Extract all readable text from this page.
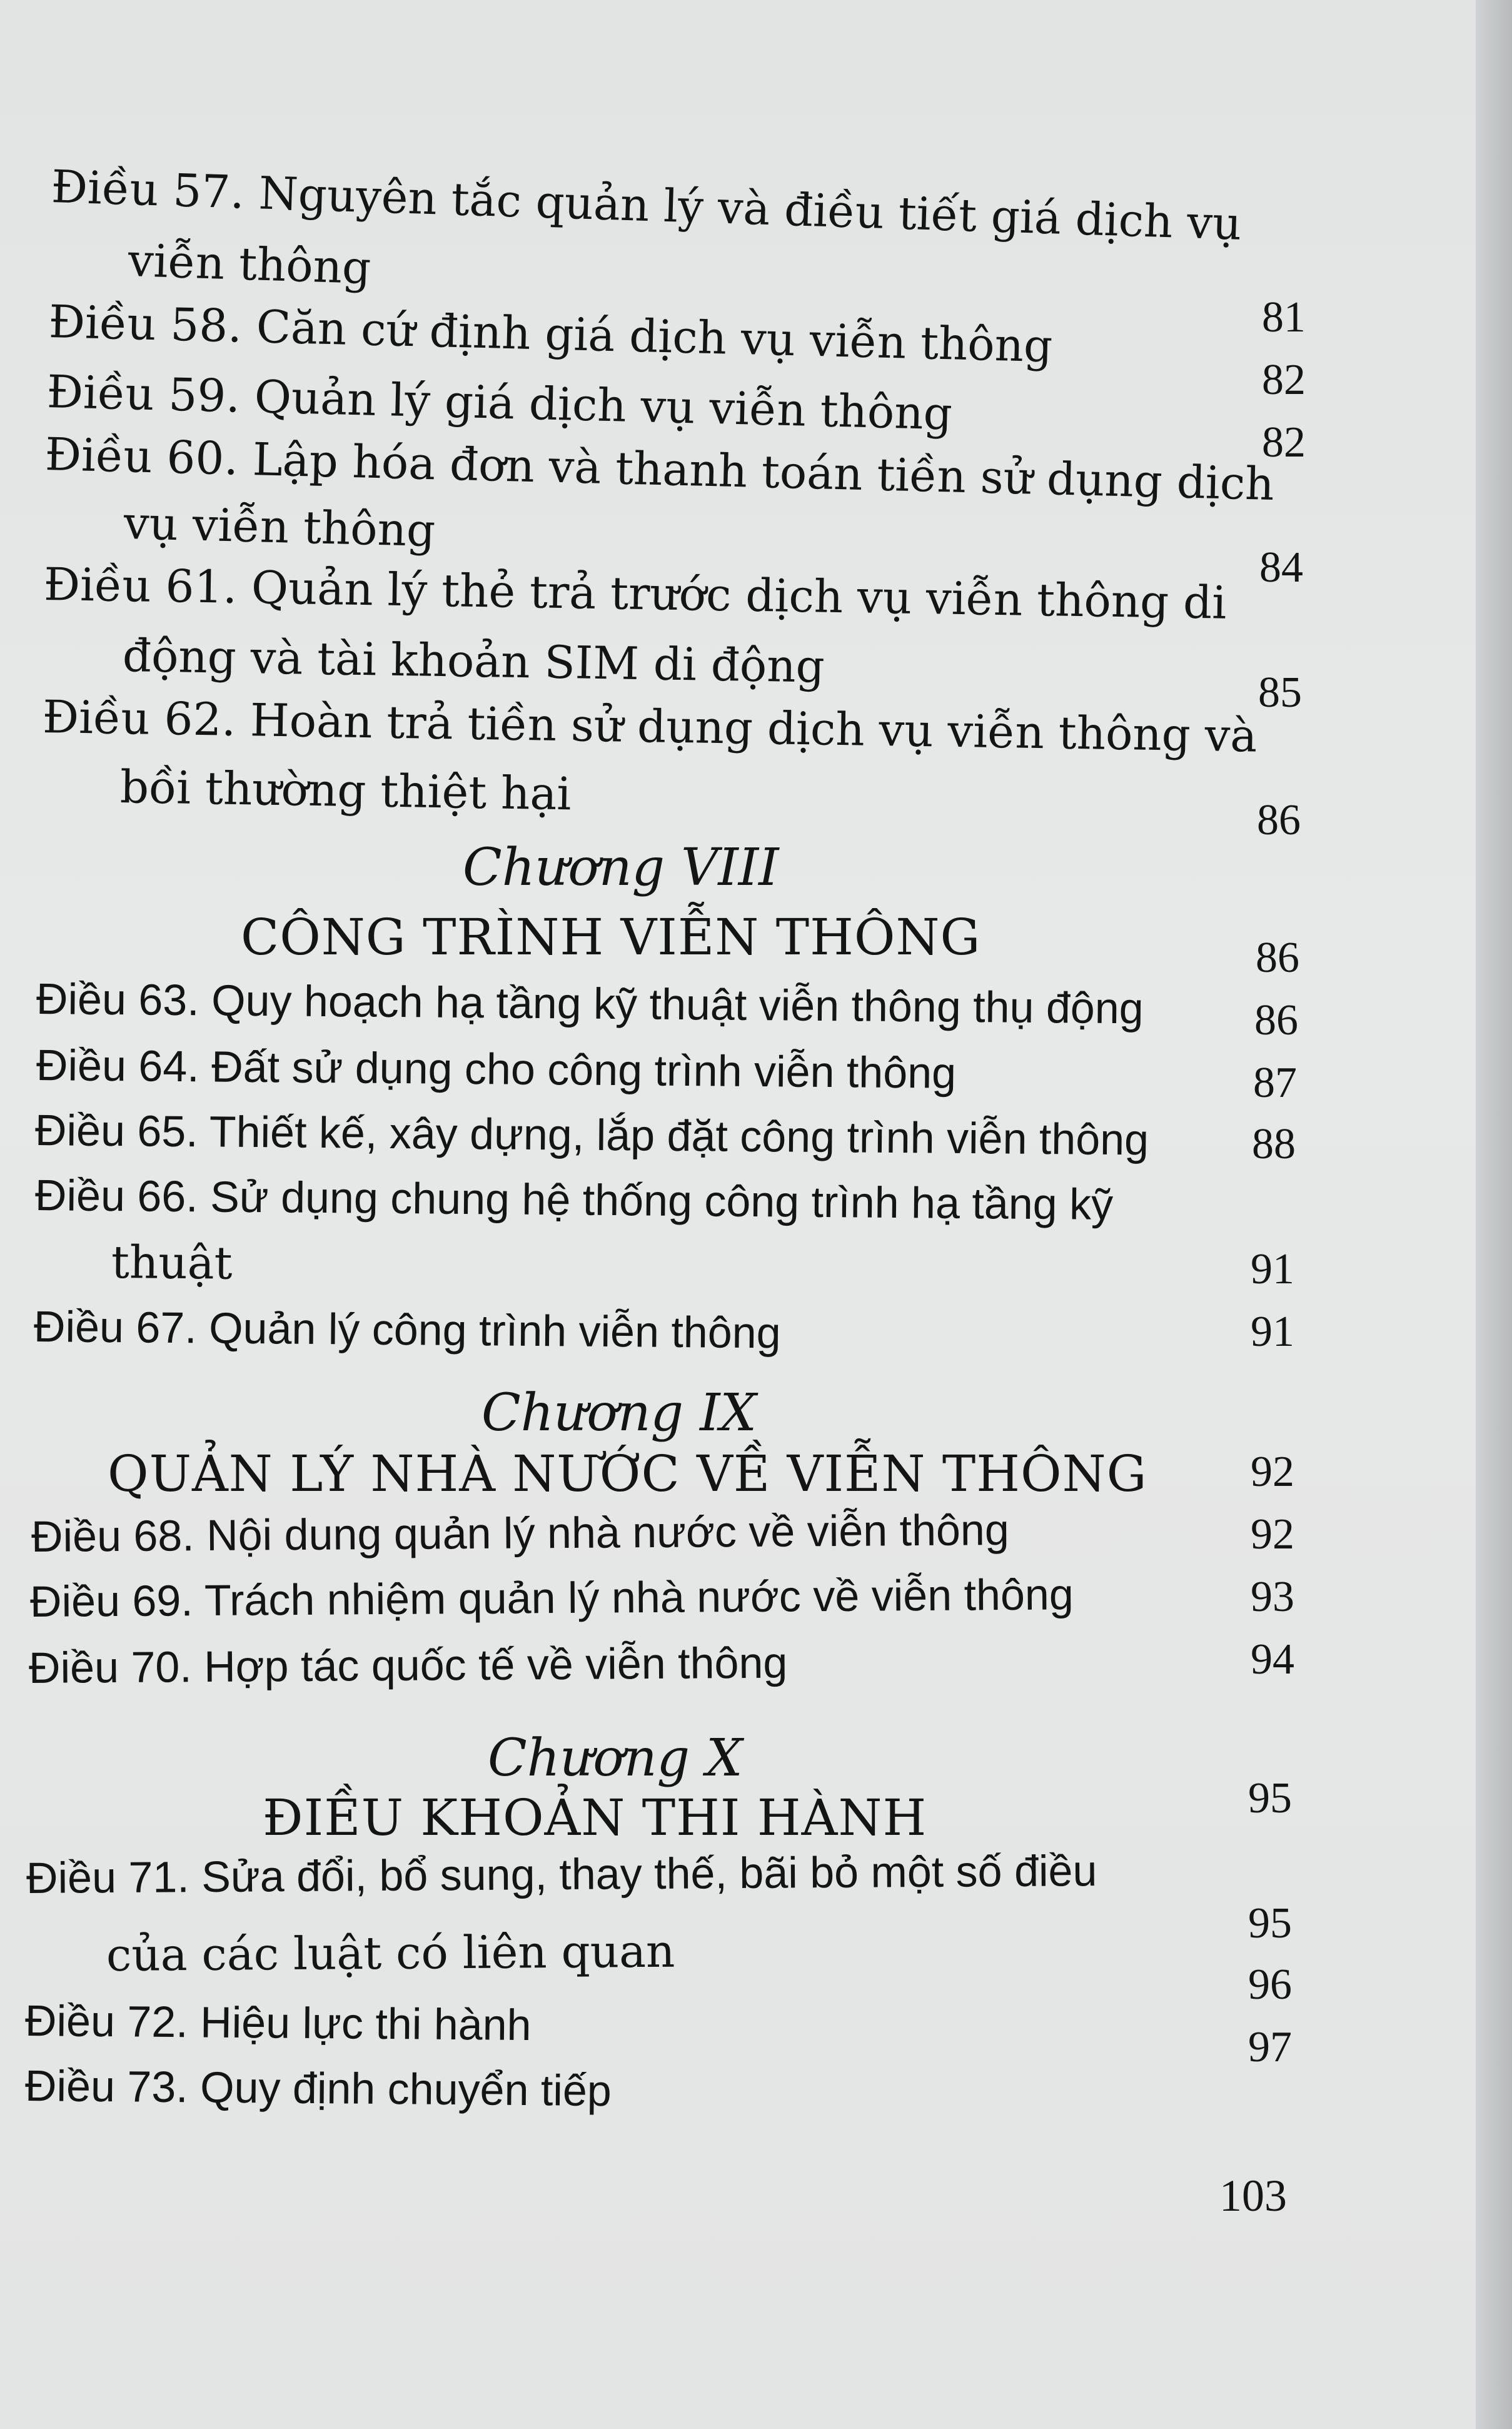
Điều 57. Nguyên tắc quản lý và điều tiết giá dịch vụ
viễn thông
Điều 58. Căn cứ định giá dịch vụ viễn thông
Điều 59. Quản lý giá dịch vụ viễn thông
Điều 60. Lập hóa đơn và thanh toán tiền sử dụng dịch
vụ viễn thông
Điều 61. Quản lý thẻ trả trước dịch vụ viễn thông di
động và tài khoản SIM di động
Điều 62. Hoàn trả tiền sử dụng dịch vụ viễn thông và
bồi thường thiệt hại
Chương VIII
CÔNG TRÌNH VIỄN THÔNG
Điều 63. Quy hoạch hạ tầng kỹ thuật viễn thông thụ động
Điều 64. Đất sử dụng cho công trình viễn thông
Điều 65. Thiết kế, xây dựng, lắp đặt công trình viễn thông
Điều 66. Sử dụng chung hệ thống công trình hạ tầng kỹ
thuật
Điều 67. Quản lý công trình viễn thông
Chương IX
QUẢN LÝ NHÀ NƯỚC VỀ VIỄN THÔNG
Điều 68. Nội dung quản lý nhà nước về viễn thông
Điều 69. Trách nhiệm quản lý nhà nước về viễn thông
Điều 70. Hợp tác quốc tế về viễn thông
Chương X
ĐIỀU KHOẢN THI HÀNH
Điều 71. Sửa đổi, bổ sung, thay thế, bãi bỏ một số điều
của các luật có liên quan
Điều 72. Hiệu lực thi hành
Điều 73. Quy định chuyển tiếp
81
82
82
84
85
86
86
86
87
88
91
91
92
92
93
94
95
95
96
97
103
